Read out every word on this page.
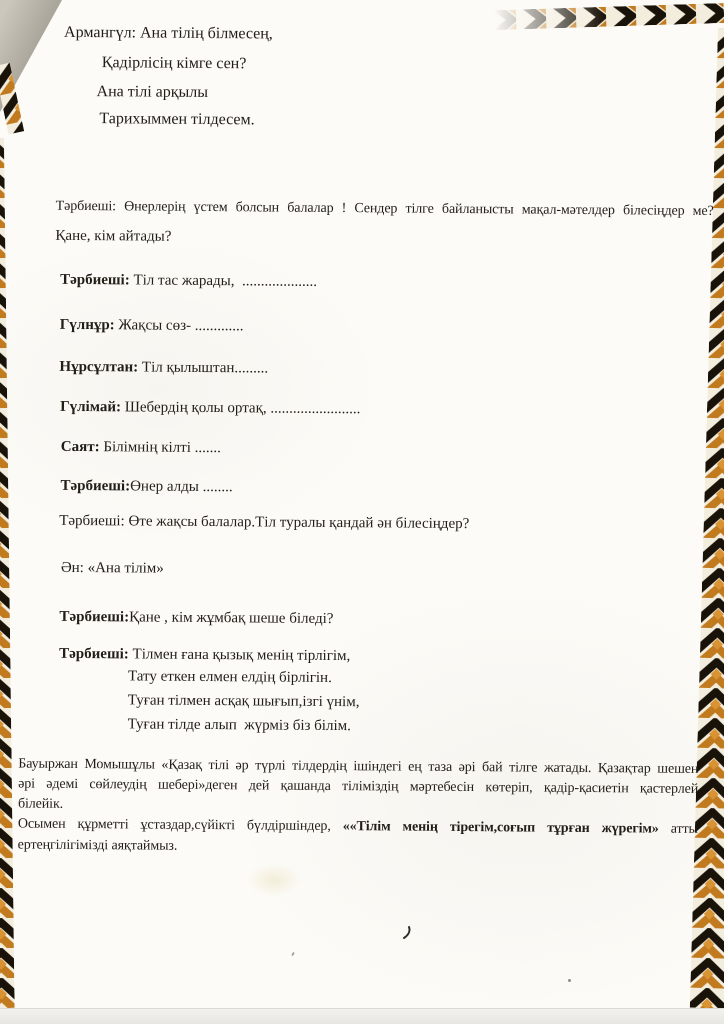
Армангүл: Ана тілің білмесең,
Қадірлісің кімге сен?
Ана тілі арқылы
Тарихыммен тілдесем.
Тәрбиеші: Өнерлерің үстем болсын балалар ! Сендер тілге байланысты мақал-мәтелдер білесіңдер ме?
Қане, кім айтады?
Тәрбиеші: Тіл тас жарады,  ....................
Гүлнұр: Жақсы сөз- .............
Нұрсұлтан: Тіл қылыштан.........
Гүлімай: Шебердің қолы ортақ, ........................
Саят: Білімнің кілті .......
Тәрбиеші:Өнер алды ........
Тәрбиеші: Өте жақсы балалар.Тіл туралы қандай ән білесіңдер?
Ән: «Ана тілім»
Тәрбиеші:Қане , кім жұмбақ шеше біледі?
Тәрбиеші: Тілмен ғана қызық менің тірлігім,
Тату еткен елмен елдің бірлігін.
Туған тілмен асқақ шығып,ізгі үнім,
Туған тілде алып  жүрміз біз білім.
Бауыржан Момышұлы «Қазақ тілі әр түрлі тілдердің ішіндегі ең таза әрі бай тілге жатады. Қазақтар шешен
әрі әдемі сөйлеудің шебері»деген дей қашанда тіліміздің мәртебесін көтеріп, қадір-қасиетін қастерлей
білейік.
Осымен құрметті ұстаздар,сүйікті бүлдіршіндер, ««Тілім менің тірегім,соғып тұрған жүрегім» атты
ертеңгілігімізді аяқтаймыз.
